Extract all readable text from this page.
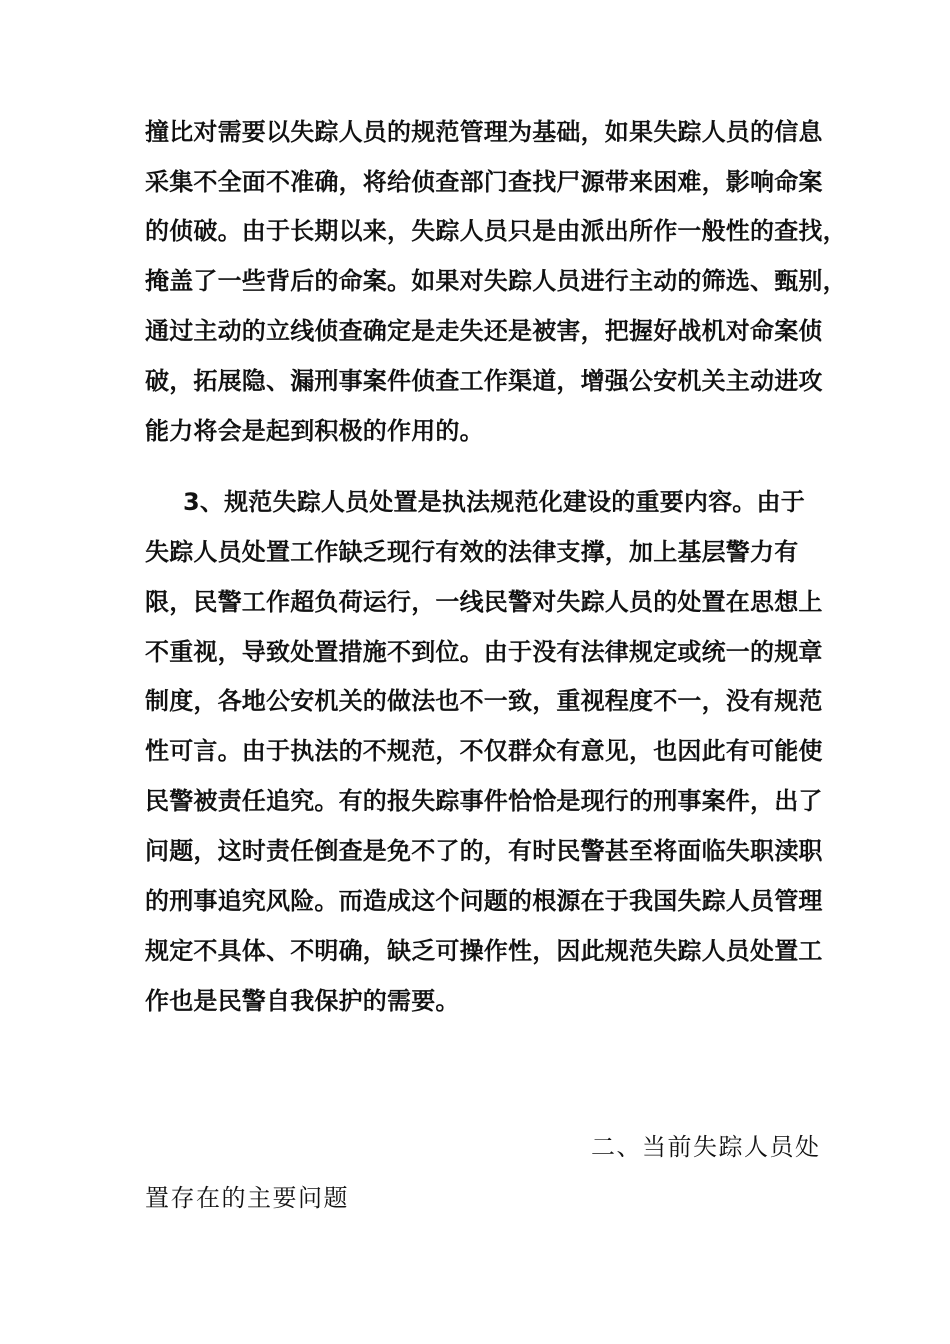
撞比对需要以失踪人员的规范管理为基础，如果失踪人员的信息
采集不全面不准确，将给侦查部门查找尸源带来困难，影响命案
的侦破。由于长期以来，失踪人员只是由派出所作一般性的查找，
掩盖了一些背后的命案。如果对失踪人员进行主动的筛选、甄别，
通过主动的立线侦查确定是走失还是被害，把握好战机对命案侦
破，拓展隐、漏刑事案件侦查工作渠道，增强公安机关主动进攻
能力将会是起到积极的作用的。
3、规范失踪人员处置是执法规范化建设的重要内容。由于
失踪人员处置工作缺乏现行有效的法律支撑，加上基层警力有
限，民警工作超负荷运行，一线民警对失踪人员的处置在思想上
不重视，导致处置措施不到位。由于没有法律规定或统一的规章
制度，各地公安机关的做法也不一致，重视程度不一，没有规范
性可言。由于执法的不规范，不仅群众有意见，也因此有可能使
民警被责任追究。有的报失踪事件恰恰是现行的刑事案件，出了
问题，这时责任倒查是免不了的，有时民警甚至将面临失职渎职
的刑事追究风险。而造成这个问题的根源在于我国失踪人员管理
规定不具体、不明确，缺乏可操作性，因此规范失踪人员处置工
作也是民警自我保护的需要。
二、当前失踪人员处
置存在的主要问题
